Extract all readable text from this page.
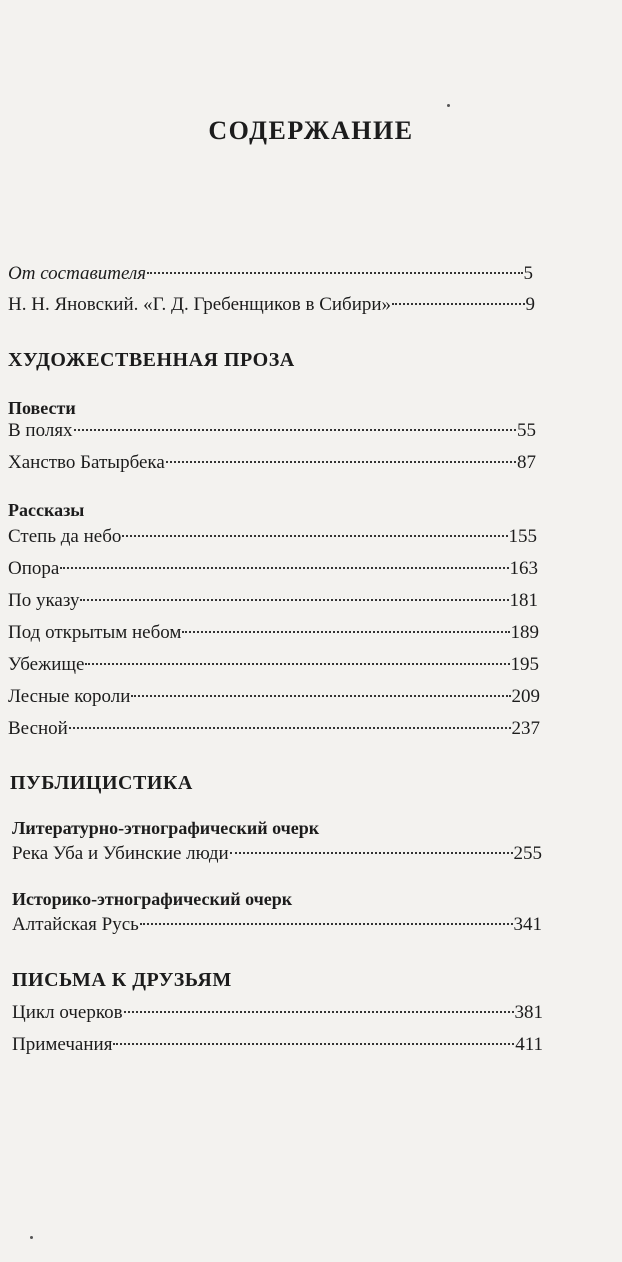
СОДЕРЖАНИЕ
От составителя	5
Н. Н. Яновский. «Г. Д. Гребенщиков в Сибири»	9
ХУДОЖЕСТВЕННАЯ ПРОЗА
Повести
В полях	55
Ханство Батырбека	87
Рассказы
Степь да небо	155
Опора	163
По указу	181
Под открытым небом	189
Убежище	195
Лесные короли	209
Весной	237
ПУБЛИЦИСТИКА
Литературно-этнографический очерк
Река Уба и Убинские люди	255
Историко-этнографический очерк
Алтайская Русь	341
ПИСЬМА К ДРУЗЬЯМ
Цикл очерков	381
Примечания	411
